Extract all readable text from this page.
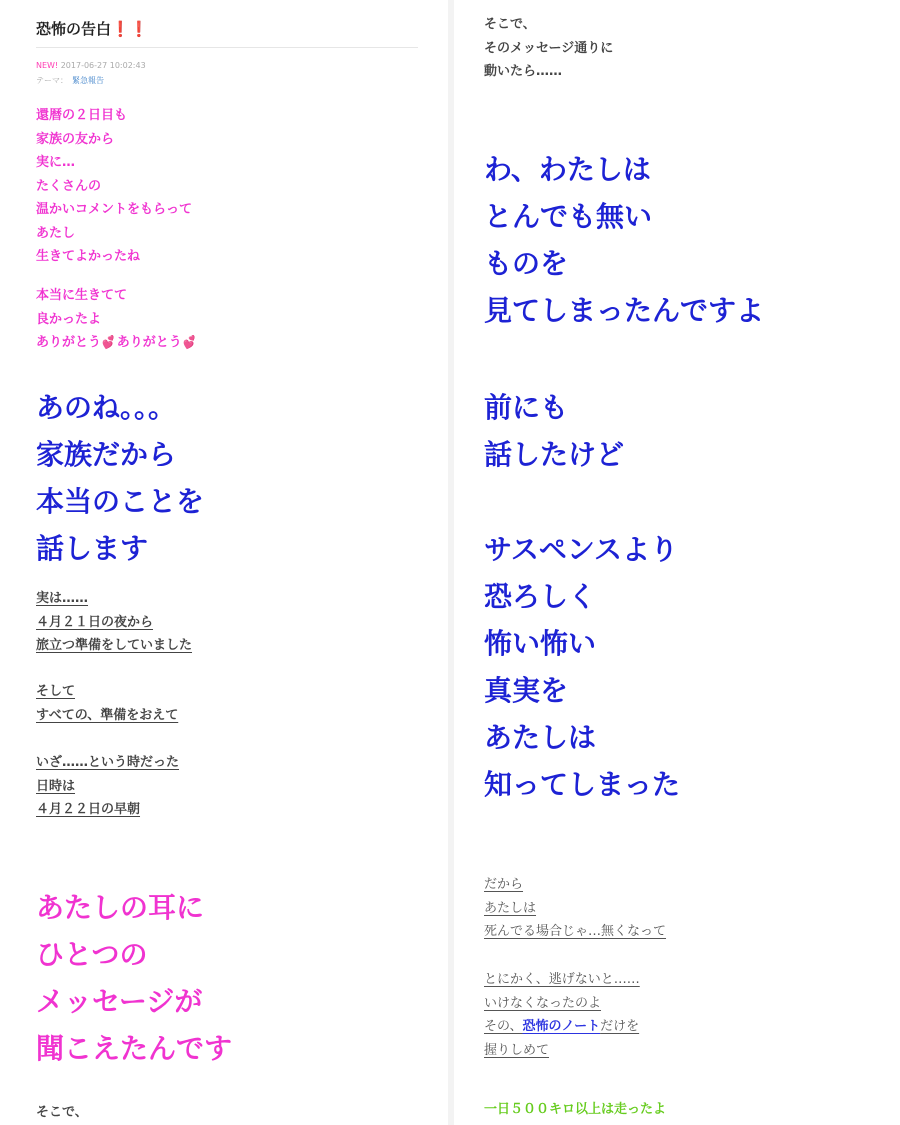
恐怖の告白❗❗
NEW! 2017-06-27 10:02:43
テーマ： 緊急報告
還暦の２日目も
家族の友から
実に…
たくさんの
温かいコメントをもらって
あたし
生きてよかったね
本当に生きてて
良かったよ
ありがとう💕ありがとう💕
あのね。。。
家族だから
本当のことを
話します
実は……
４月２１日の夜から
旅立つ準備をしていました
そして
すべての、準備をおえて
いざ……という時だった
日時は
４月２２日の早朝
あたしの耳に
ひとつの
メッセージが
聞こえたんです
そこで、
そこで、
そのメッセージ通りに
動いたら……
わ、わたしは
とんでも無い
ものを
見てしまったんですよ
前にも
話したけど
サスペンスより
恐ろしく
怖い怖い
真実を
あたしは
知ってしまった
だから
あたしは
死んでる場合じゃ…無くなって
とにかく、逃げないと……
いけなくなったのよ
その、恐怖のノートだけを
握りしめて
一日５００キロ以上は走ったよ
